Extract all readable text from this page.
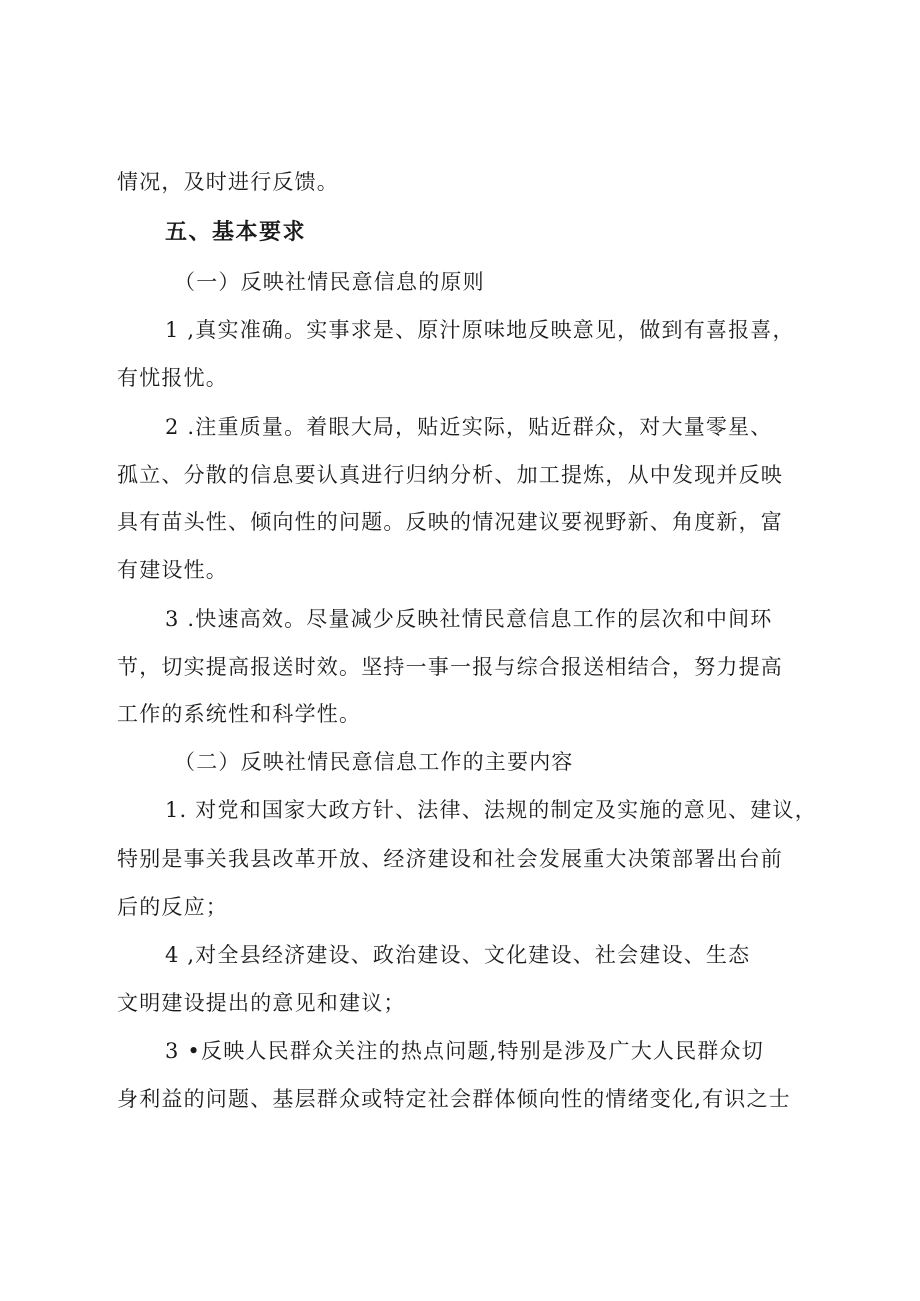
情况，及时进行反馈。
五、基本要求
（一）反映社情民意信息的原则
1 ,真实准确。实事求是、原汁原味地反映意见，做到有喜报喜，
有忧报忧。
2 .注重质量。着眼大局，贴近实际，贴近群众，对大量零星、
孤立、分散的信息要认真进行归纳分析、加工提炼，从中发现并反映
具有苗头性、倾向性的问题。反映的情况建议要视野新、角度新，富
有建设性。
3 .快速高效。尽量减少反映社情民意信息工作的层次和中间环
节，切实提高报送时效。坚持一事一报与综合报送相结合，努力提高
工作的系统性和科学性。
（二）反映社情民意信息工作的主要内容
1. 对党和国家大政方针、法律、法规的制定及实施的意见、建议，
特别是事关我县改革开放、经济建设和社会发展重大决策部署出台前
后的反应；
4 ,对全县经济建设、政治建设、文化建设、社会建设、生态
文明建设提出的意见和建议；
3 •反映人民群众关注的热点问题,特别是涉及广大人民群众切
身利益的问题、基层群众或特定社会群体倾向性的情绪变化,有识之士
